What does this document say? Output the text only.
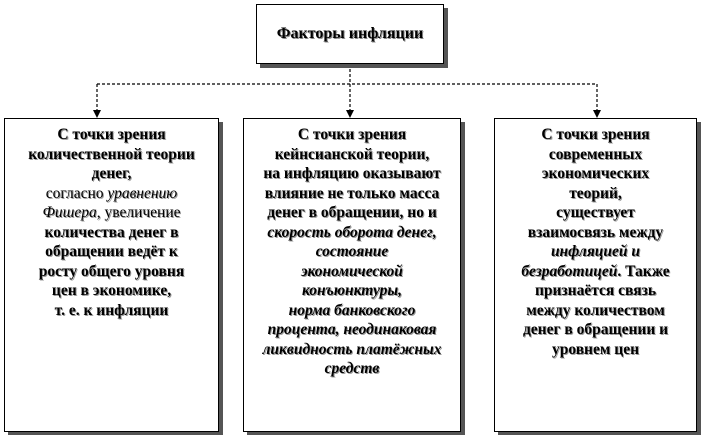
Факторы инфляции
С точки зрения
количественной теории
денег,
согласно уравнению
Фишера, увеличение
количества денег в
обращении ведёт к
росту общего уровня
цен в экономике,
т. е. к инфляции
С точки зрения
кейнсианской теории,
на инфляцию оказывают
влияние не только масса
денег в обращении, но и
скорость оборота денег,
состояние
экономической
конъюнктуры,
норма банковского
процента, неодинаковая
ликвидность платёжных
средств
С точки зрения
современных
экономических
теорий,
существует
взаимосвязь между
инфляцией и
безработицей. Также
признаётся связь
между количеством
денег в обращении и
уровнем цен
